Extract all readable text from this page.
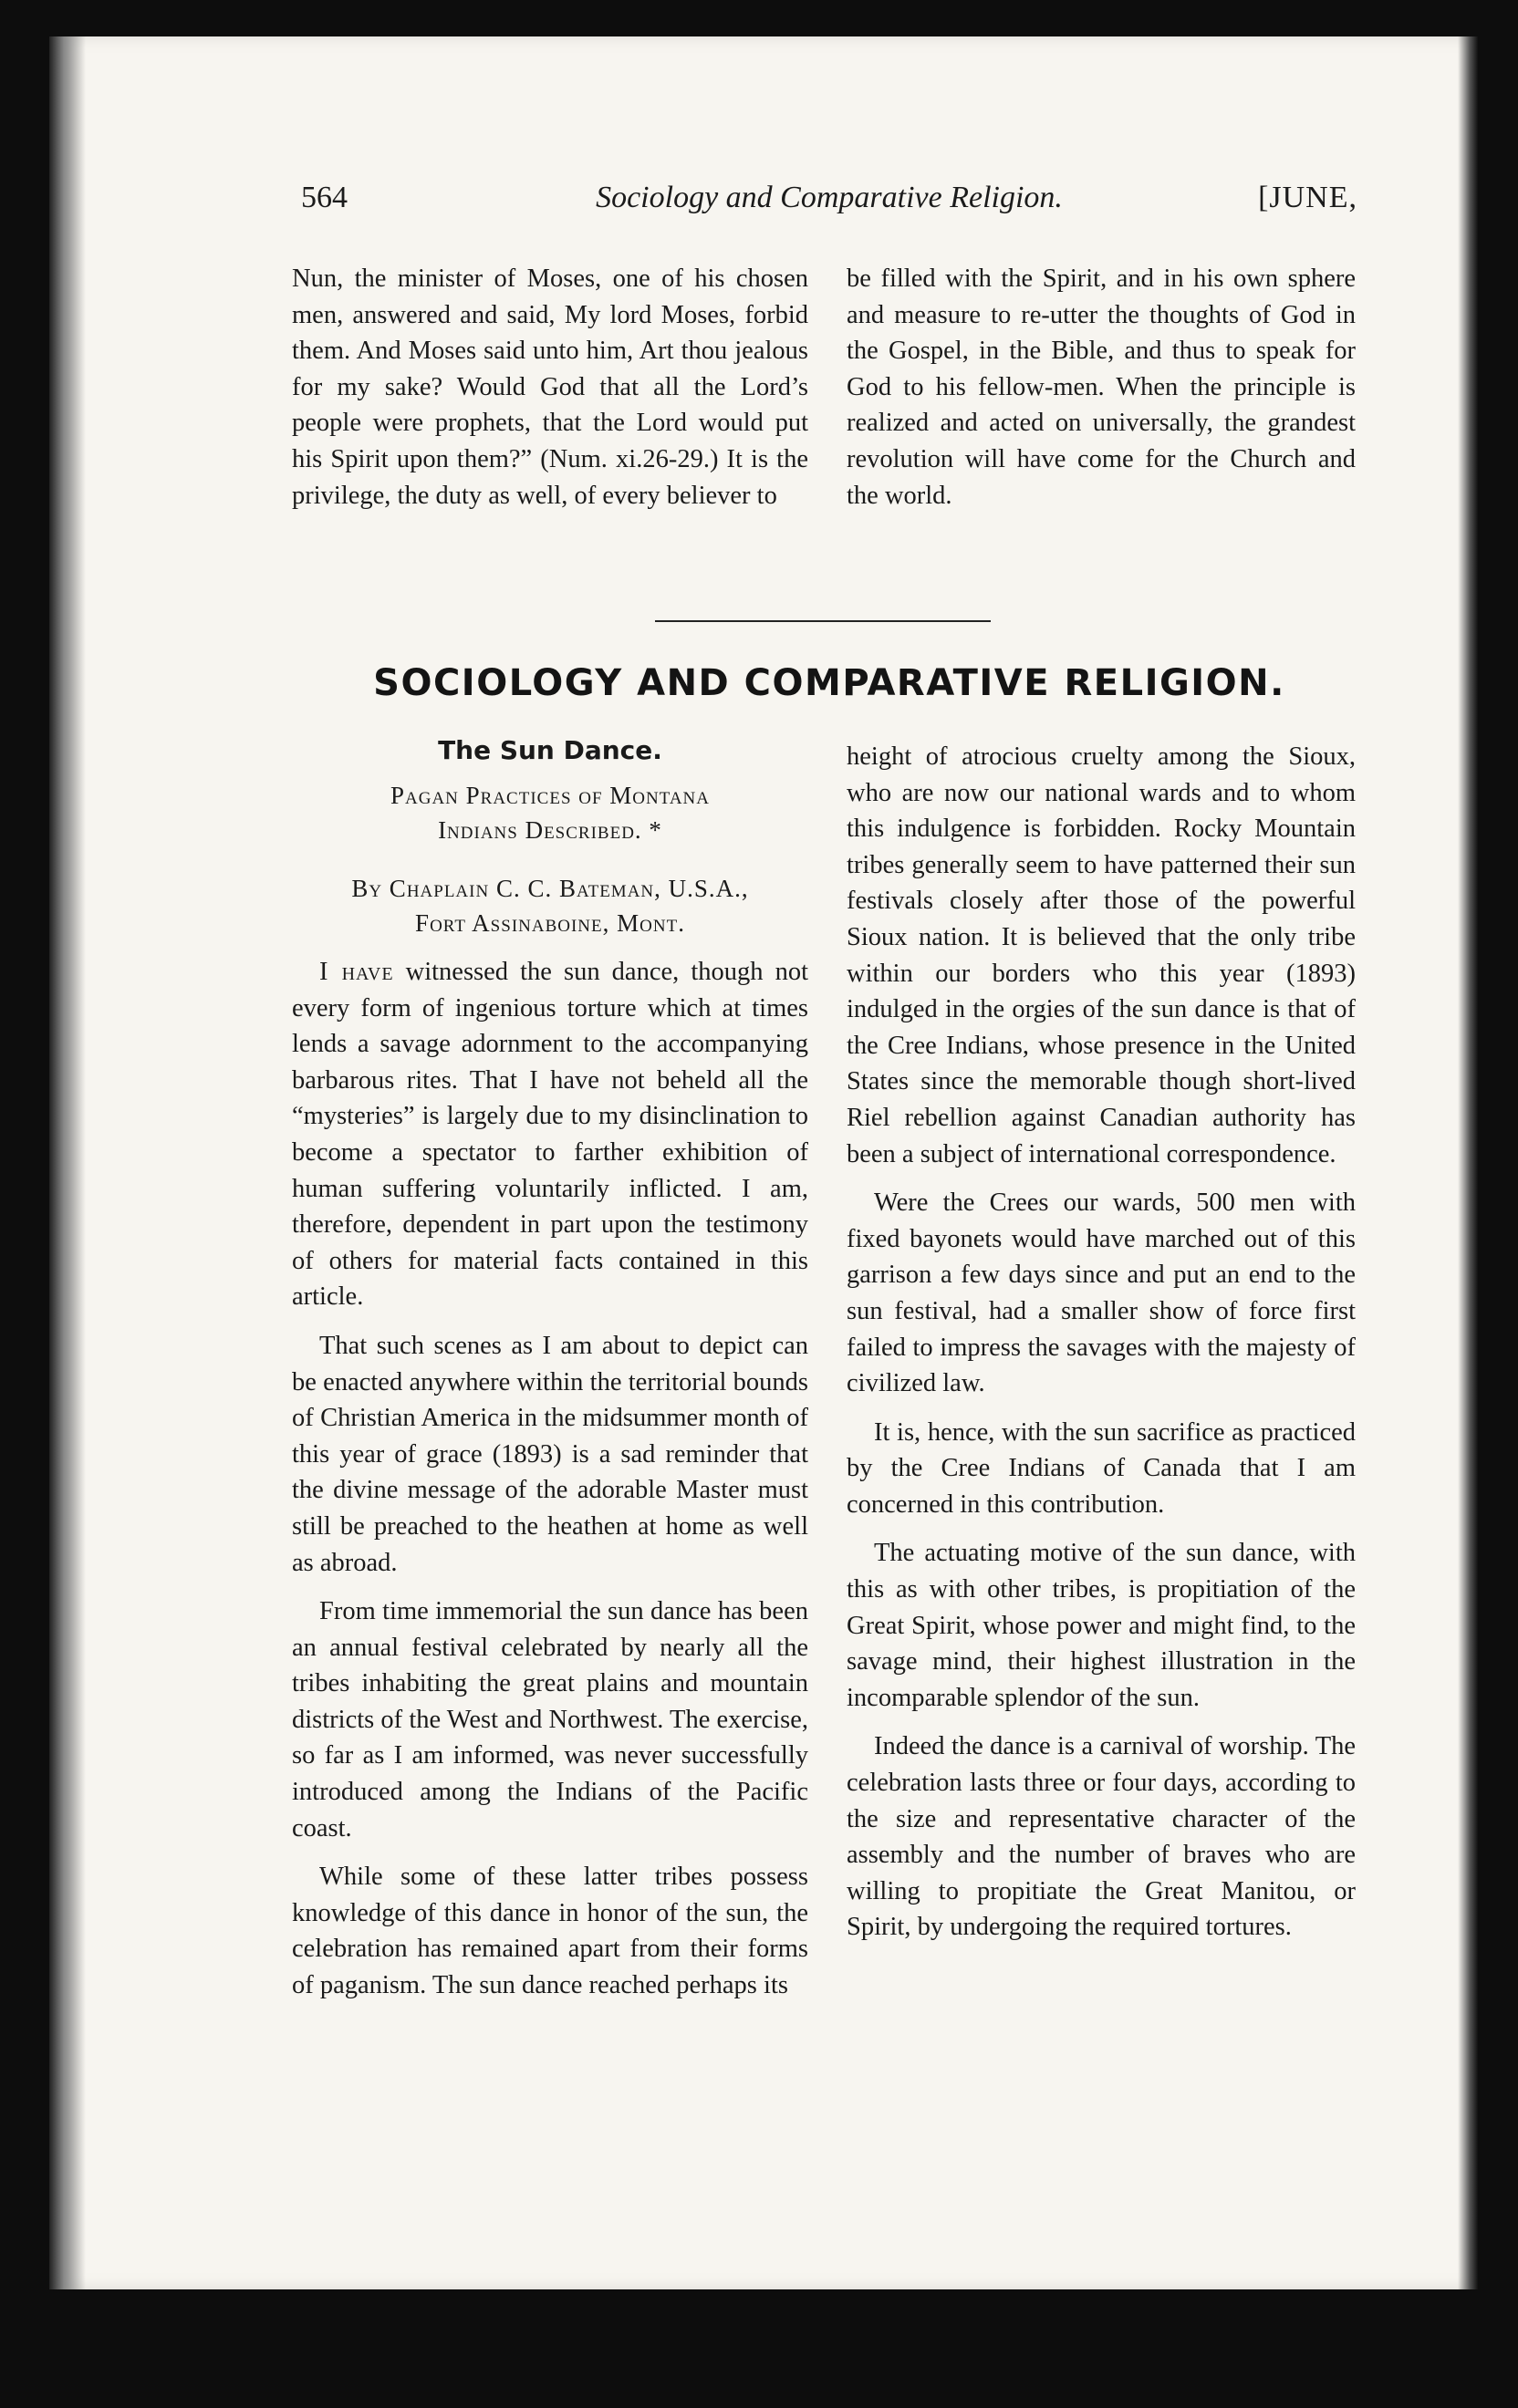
564	Sociology and Comparative Religion.	[JUNE,

Nun, the minister of Moses, one of his chosen men, answered and said, My lord Moses, forbid them. And Moses said unto him, Art thou jealous for my sake? Would God that all the Lord’s people were prophets, that the Lord would put his Spirit upon them?” (Num. xi.26-29.) It is the privilege, the duty as well, of every believer to

be filled with the Spirit, and in his own sphere and measure to re-utter the thoughts of God in the Gospel, in the Bible, and thus to speak for God to his fellow-men. When the principle is realized and acted on universally, the grandest revolution will have come for the Church and the world.

SOCIOLOGY AND COMPARATIVE RELIGION.
The Sun Dance.
Pagan Practices of Montana
Indians Described. *
By Chaplain C. C. Bateman, U.S.A.,
Fort Assinaboine, Mont.

I have witnessed the sun dance, though not every form of ingenious torture which at times lends a savage adornment to the accompanying barbarous rites. That I have not beheld all the “mysteries” is largely due to my disinclination to become a spectator to farther exhibition of human suffering voluntarily inflicted. I am, therefore, dependent in part upon the testimony of others for material facts contained in this article.

That such scenes as I am about to depict can be enacted anywhere within the territorial bounds of Christian America in the midsummer month of this year of grace (1893) is a sad reminder that the divine message of the adorable Master must still be preached to the heathen at home as well as abroad.

From time immemorial the sun dance has been an annual festival celebrated by nearly all the tribes inhabiting the great plains and mountain districts of the West and Northwest. The exercise, so far as I am informed, was never successfully introduced among the Indians of the Pacific coast.

While some of these latter tribes possess knowledge of this dance in honor of the sun, the celebration has remained apart from their forms of paganism. The sun dance reached perhaps its

height of atrocious cruelty among the Sioux, who are now our national wards and to whom this indulgence is forbidden. Rocky Mountain tribes generally seem to have patterned their sun festivals closely after those of the powerful Sioux nation. It is believed that the only tribe within our borders who this year (1893) indulged in the orgies of the sun dance is that of the Cree Indians, whose presence in the United States since the memorable though short-lived Riel rebellion against Canadian authority has been a subject of international correspondence.

Were the Crees our wards, 500 men with fixed bayonets would have marched out of this garrison a few days since and put an end to the sun festival, had a smaller show of force first failed to impress the savages with the majesty of civilized law.

It is, hence, with the sun sacrifice as practiced by the Cree Indians of Canada that I am concerned in this contribution.

The actuating motive of the sun dance, with this as with other tribes, is propitiation of the Great Spirit, whose power and might find, to the savage mind, their highest illustration in the incomparable splendor of the sun.

Indeed the dance is a carnival of worship. The celebration lasts three or four days, according to the size and representative character of the assembly and the number of braves who are willing to propitiate the Great Manitou, or Spirit, by undergoing the required tortures.
